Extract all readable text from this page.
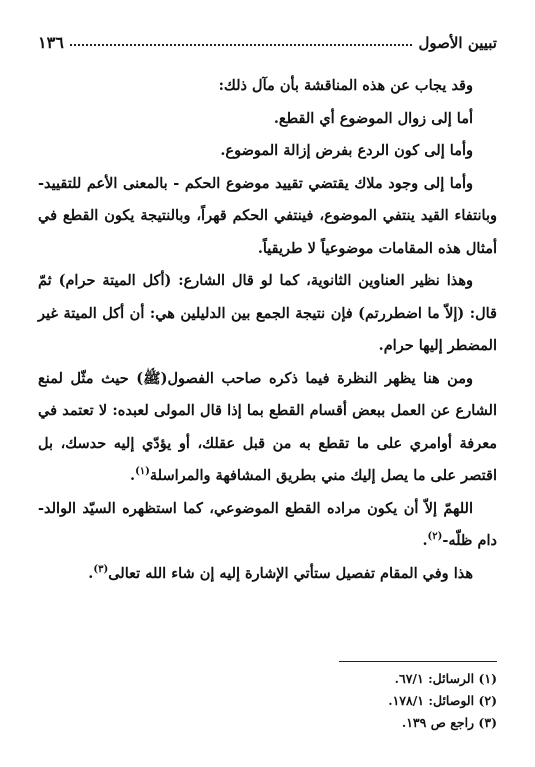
١٣٦	تبيين الأصول

وقد يجاب عن هذه المناقشة بأن مآل ذلك:

أما إلى زوال الموضوع أي القطع.

وأما إلى كون الردع بفرض إزالة الموضوع.

وأما إلى وجود ملاك يقتضي تقييد موضوع الحكم - بالمعنى الأعم للتقييد- وبانتفاء القيد ينتفي الموضوع، فينتفي الحكم قهراً، وبالنتيجة يكون القطع في أمثال هذه المقامات موضوعياً لا طريقياً.

وهذا نظير العناوين الثانوية، كما لو قال الشارع: (أكل الميتة حرام) ثمّ قال: (إلاّ ما اضطررتم) فإن نتيجة الجمع بين الدليلين هي: أن أكل الميتة غير المضطر إليها حرام.

ومن هنا يظهر النظرة فيما ذكره صاحب الفصول(ﷺ) حيث مثّل لمنع الشارع عن العمل ببعض أقسام القطع بما إذا قال المولى لعبده: لا تعتمد في معرفة أوامري على ما تقطع به من قبل عقلك، أو يؤدّي إليه حدسك، بل اقتصر على ما يصل إليك مني بطريق المشافهة والمراسلة$^{(١)}$.

اللهمّ إلاّ أن يكون مراده القطع الموضوعي، كما استظهره السيّد الوالد- دام ظلّه-$^{(٢)}$.

هذا وفي المقام تفصيل ستأتي الإشارة إليه إن شاء الله تعالى$^{(٣)}$.

(١) الرسائل: ٦٧/١.
(٢) الوصائل: ١٧٨/١.
(٣) راجع ص ١٣٩.
